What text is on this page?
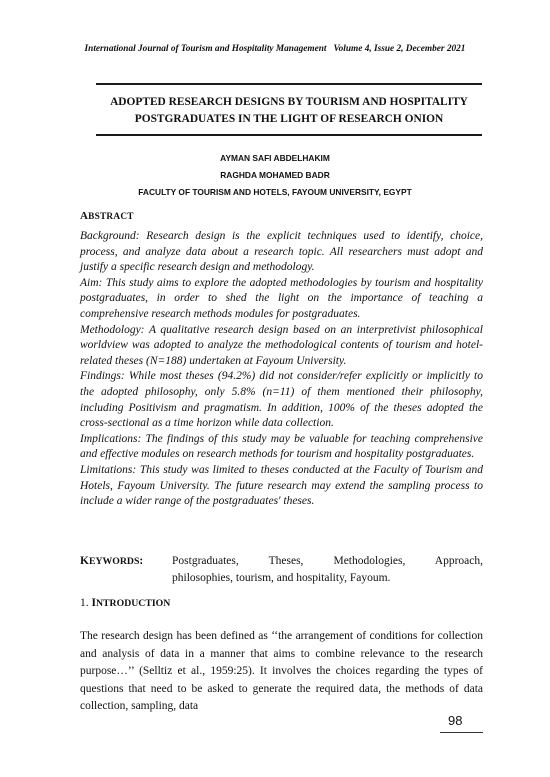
International Journal of Tourism and Hospitality Management Volume 4, Issue 2, December 2021
ADOPTED RESEARCH DESIGNS BY TOURISM AND HOSPITALITY
POSTGRADUATES IN THE LIGHT OF RESEARCH ONION
AYMAN SAFI ABDELHAKIM
RAGHDA MOHAMED BADR
FACULTY OF TOURISM AND HOTELS, FAYOUM UNIVERSITY, EGYPT
ABSTRACT

Background: Research design is the explicit techniques used to identify, choice, process, and analyze data about a research topic. All researchers must adopt and justify a specific research design and methodology.

Aim: This study aims to explore the adopted methodologies by tourism and hospitality postgraduates, in order to shed the light on the importance of teaching a comprehensive research methods modules for postgraduates.

Methodology: A qualitative research design based on an interpretivist philosophical worldview was adopted to analyze the methodological contents of tourism and hotel-related theses (N=188) undertaken at Fayoum University.

Findings: While most theses (94.2%) did not consider/refer explicitly or implicitly to the adopted philosophy, only 5.8% (n=11) of them mentioned their philosophy, including Positivism and pragmatism. In addition, 100% of the theses adopted the cross-sectional as a time horizon while data collection.

Implications: The findings of this study may be valuable for teaching comprehensive and effective modules on research methods for tourism and hospitality postgraduates.

Limitations: This study was limited to theses conducted at the Faculty of Tourism and Hotels, Fayoum University. The future research may extend the sampling process to include a wider range of the postgraduates' theses.

KEYWORDS:	Postgraduates, Theses, Methodologies, Approach,
philosophies, tourism, and hospitality, Fayoum.
1. INTRODUCTION

The research design has been defined as ‘‘the arrangement of conditions for collection and analysis of data in a manner that aims to combine relevance to the research purpose…’’ (Selltiz et al., 1959:25). It involves the choices regarding the types of questions that need to be asked to generate the required data, the methods of data collection, sampling, data

98
